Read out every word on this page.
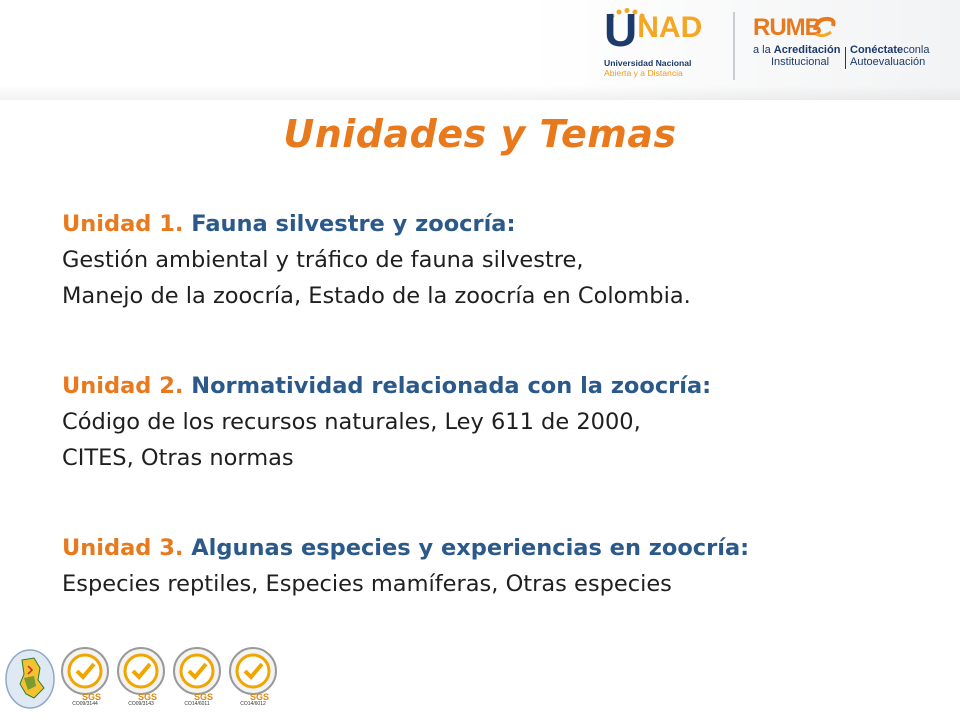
UNAD
Universidad Nacional
Abierta y a Distancia
RUMB
a la Acreditación
Institucional
Conéctateconla
Autoevaluación
Unidades y Temas
Unidad 1. Fauna silvestre y zoocría:
Gestión ambiental y tráfico de fauna silvestre,
Manejo de la zoocría, Estado de la zoocría en Colombia.
Unidad 2. Normatividad relacionada con la zoocría:
Código de los recursos naturales, Ley 611 de 2000,
CITES, Otras normas
Unidad 3. Algunas especies y experiencias en zoocría:
Especies reptiles, Especies mamíferas, Otras especies
SGS
CO09/3144
SGS
CO09/3143
SGS
CO14/6011
SGS
CO14/6012
